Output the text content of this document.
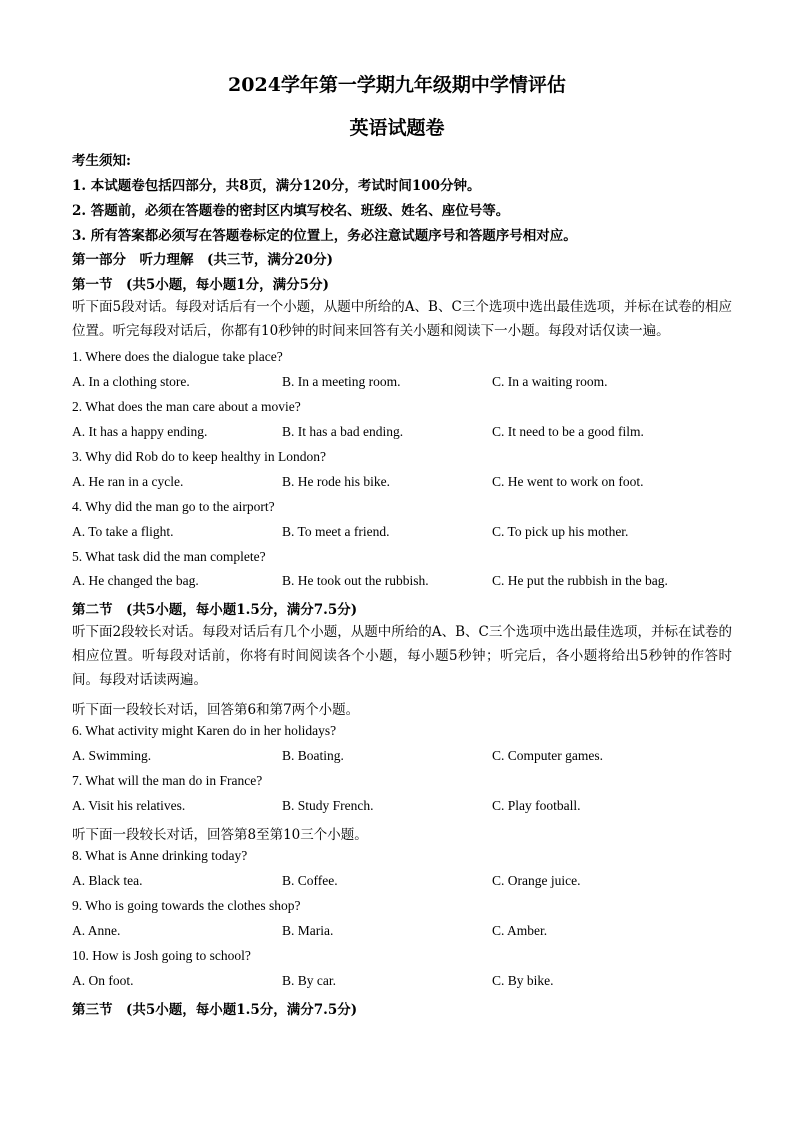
2024学年第一学期九年级期中学情评估
英语试题卷
考生须知:
1. 本试题卷包括四部分，共8页，满分120分，考试时间100分钟。
2. 答题前，必须在答题卷的密封区内填写校名、班级、姓名、座位号等。
3. 所有答案都必须写在答题卷标定的位置上，务必注意试题序号和答题序号相对应。
第一部分　听力理解　(共三节，满分20分)
第一节　(共5小题，每小题1分，满分5分)
听下面5段对话。每段对话后有一个小题，从题中所给的A、B、C三个选项中选出最佳选项，并标在试卷的相应位置。听完每段对话后，你都有10秒钟的时间来回答有关小题和阅读下一小题。每段对话仅读一遍。
1. Where does the dialogue take place?
A. In a clothing store.	B. In a meeting room.	C. In a waiting room.
2. What does the man care about a movie?
A. It has a happy ending.	B. It has a bad ending.	C. It need to be a good film.
3. Why did Rob do to keep healthy in London?
A. He ran in a cycle.	B. He rode his bike.	C. He went to work on foot.
4. Why did the man go to the airport?
A. To take a flight.	B. To meet a friend.	C. To pick up his mother.
5. What task did the man complete?
A. He changed the bag.	B. He took out the rubbish.	C. He put the rubbish in the bag.
第二节　(共5小题，每小题1.5分，满分7.5分)
听下面2段较长对话。每段对话后有几个小题，从题中所给的A、B、C三个选项中选出最佳选项，并标在试卷的相应位置。听每段对话前，你将有时间阅读各个小题，每小题5秒钟；听完后，各小题将给出5秒钟的作答时间。每段对话读两遍。
听下面一段较长对话，回答第6和第7两个小题。
6. What activity might Karen do in her holidays?
A. Swimming.	B. Boating.	C. Computer games.
7. What will the man do in France?
A. Visit his relatives.	B. Study French.	C. Play football.
听下面一段较长对话，回答第8至第10三个小题。
8. What is Anne drinking today?
A. Black tea.	B. Coffee.	C. Orange juice.
9. Who is going towards the clothes shop?
A. Anne.	B. Maria.	C. Amber.
10. How is Josh going to school?
A. On foot.	B. By car.	C. By bike.
第三节　(共5小题，每小题1.5分，满分7.5分)
